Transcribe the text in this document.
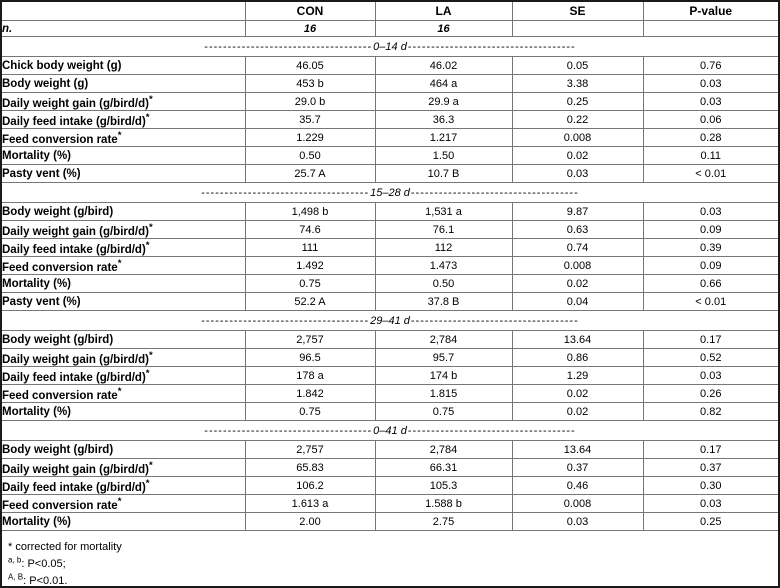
	CON	LA	SE	P-value
n.	16	16		
------------------------------------0–14 d------------------------------------				
Chick body weight (g)	46.05	46.02	0.05	0.76
Body weight (g)	453 b	464 a	3.38	0.03
Daily weight gain (g/bird/d)*	29.0 b	29.9 a	0.25	0.03
Daily feed intake (g/bird/d)*	35.7	36.3	0.22	0.06
Feed conversion rate*	1.229	1.217	0.008	0.28
Mortality (%)	0.50	1.50	0.02	0.11
Pasty vent (%)	25.7 A	10.7 B	0.03	< 0.01
------------------------------------15–28 d------------------------------------				
Body weight (g/bird)	1,498 b	1,531 a	9.87	0.03
Daily weight gain (g/bird/d)*	74.6	76.1	0.63	0.09
Daily feed intake (g/bird/d)*	111	112	0.74	0.39
Feed conversion rate*	1.492	1.473	0.008	0.09
Mortality (%)	0.75	0.50	0.02	0.66
Pasty vent (%)	52.2 A	37.8 B	0.04	< 0.01
------------------------------------29–41 d------------------------------------				
Body weight (g/bird)	2,757	2,784	13.64	0.17
Daily weight gain (g/bird/d)*	96.5	95.7	0.86	0.52
Daily feed intake (g/bird/d)*	178 a	174 b	1.29	0.03
Feed conversion rate*	1.842	1.815	0.02	0.26
Mortality (%)	0.75	0.75	0.02	0.82
------------------------------------0–41 d------------------------------------				
Body weight (g/bird)	2,757	2,784	13.64	0.17
Daily weight gain (g/bird/d)*	65.83	66.31	0.37	0.37
Daily feed intake (g/bird/d)*	106.2	105.3	0.46	0.30
Feed conversion rate*	1.613 a	1.588 b	0.008	0.03
Mortality (%)	2.00	2.75	0.03	0.25
* corrected for mortality
$^{a, b}$: P<0.05;
$^{A, B}$: P<0.01.
